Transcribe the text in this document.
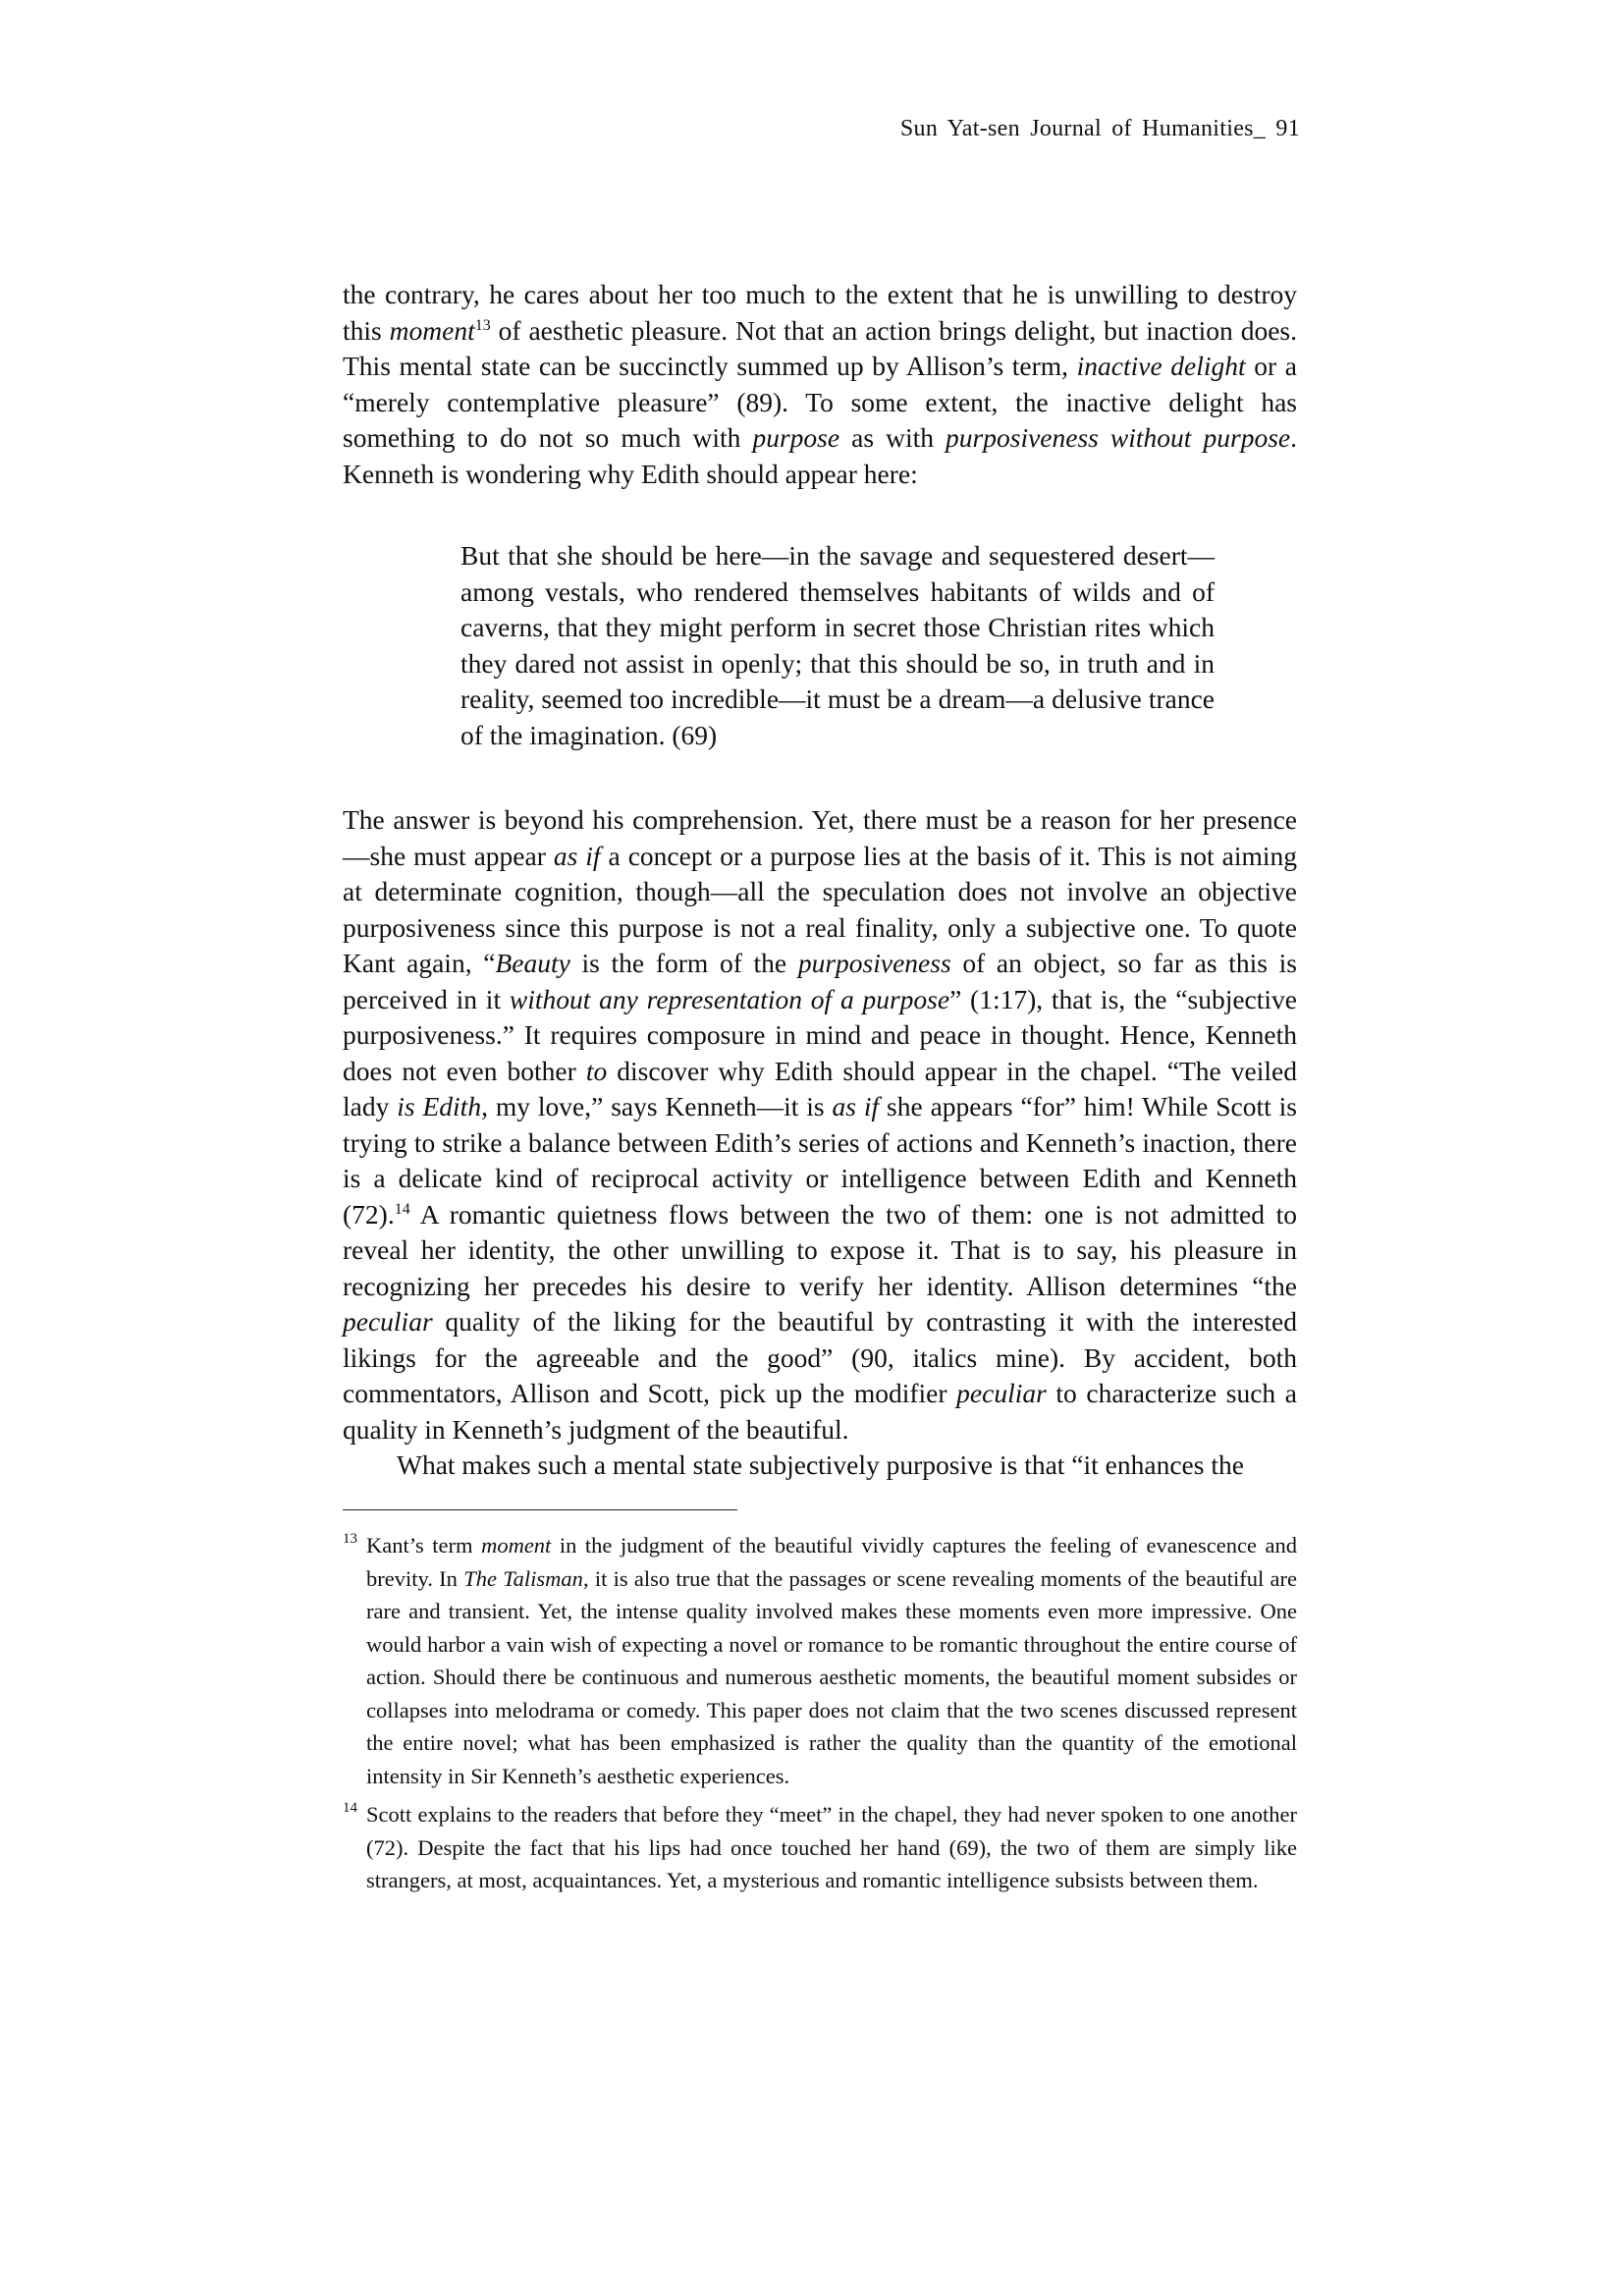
Sun Yat-sen Journal of Humanities_ 91

the contrary, he cares about her too much to the extent that he is unwilling to destroy this moment$^{13}$ of aesthetic pleasure. Not that an action brings delight, but inaction does. This mental state can be succinctly summed up by Allison’s term, inactive delight or a “merely contemplative pleasure” (89). To some extent, the inactive delight has something to do not so much with purpose as with purposiveness without purpose. Kenneth is wondering why Edith should appear here:

But that she should be here—in the savage and sequestered desert—among vestals, who rendered themselves habitants of wilds and of caverns, that they might perform in secret those Christian rites which they dared not assist in openly; that this should be so, in truth and in reality, seemed too incredible—it must be a dream—a delusive trance of the imagination. (69)

The answer is beyond his comprehension. Yet, there must be a reason for her presence—she must appear as if a concept or a purpose lies at the basis of it. This is not aiming at determinate cognition, though—all the speculation does not involve an objective purposiveness since this purpose is not a real finality, only a subjective one. To quote Kant again, “Beauty is the form of the purposiveness of an object, so far as this is perceived in it without any representation of a purpose” (1:17), that is, the “subjective purposiveness.” It requires composure in mind and peace in thought. Hence, Kenneth does not even bother to discover why Edith should appear in the chapel. “The veiled lady is Edith, my love,” says Kenneth—it is as if she appears “for” him! While Scott is trying to strike a balance between Edith’s series of actions and Kenneth’s inaction, there is a delicate kind of reciprocal activity or intelligence between Edith and Kenneth (72).$^{14}$ A romantic quietness flows between the two of them: one is not admitted to reveal her identity, the other unwilling to expose it. That is to say, his pleasure in recognizing her precedes his desire to verify her identity. Allison determines “the peculiar quality of the liking for the beautiful by contrasting it with the interested likings for the agreeable and the good” (90, italics mine). By accident, both commentators, Allison and Scott, pick up the modifier peculiar to characterize such a quality in Kenneth’s judgment of the beautiful.

What makes such a mental state subjectively purposive is that “it enhances the

13 Kant’s term moment in the judgment of the beautiful vividly captures the feeling of evanescence and brevity. In The Talisman, it is also true that the passages or scene revealing moments of the beautiful are rare and transient. Yet, the intense quality involved makes these moments even more impressive. One would harbor a vain wish of expecting a novel or romance to be romantic throughout the entire course of action. Should there be continuous and numerous aesthetic moments, the beautiful moment subsides or collapses into melodrama or comedy. This paper does not claim that the two scenes discussed represent the entire novel; what has been emphasized is rather the quality than the quantity of the emotional intensity in Sir Kenneth’s aesthetic experiences.

14 Scott explains to the readers that before they “meet” in the chapel, they had never spoken to one another (72). Despite the fact that his lips had once touched her hand (69), the two of them are simply like strangers, at most, acquaintances. Yet, a mysterious and romantic intelligence subsists between them.
